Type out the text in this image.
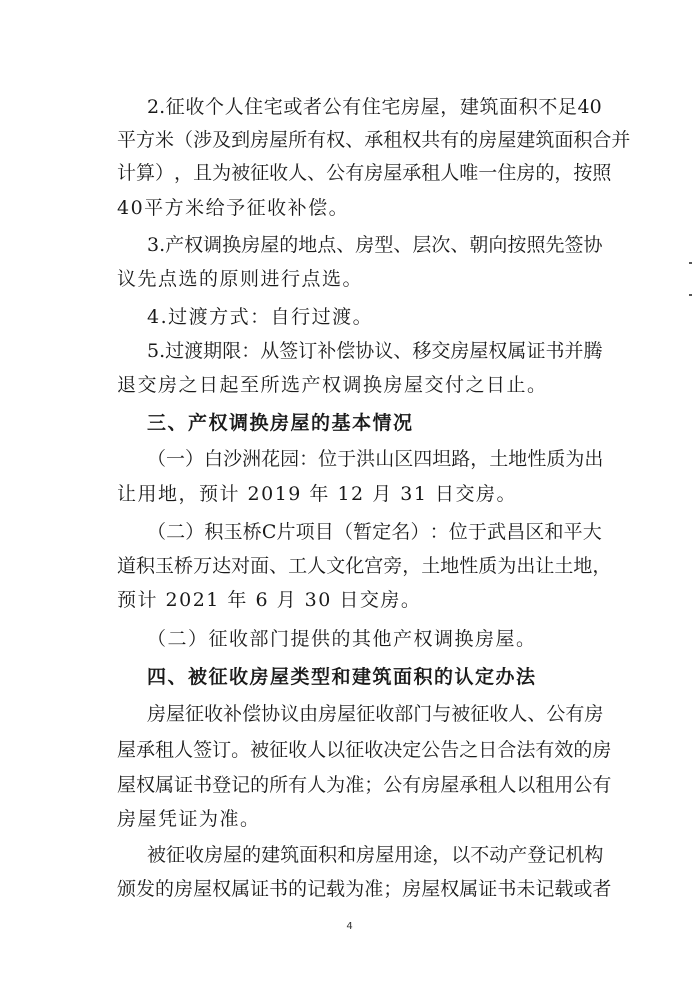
2. 征 收 个 人 住 宅 或 者 公 有 住 宅 房 屋 ， 建 筑 面 积 不 足 40
平 方 米 （ 涉 及 到 房 屋 所 有 权 、 承 租 权 共 有 的 房 屋 建 筑 面 积 合 并
计 算 ） ， 且 为 被 征 收 人 、 公 有 房 屋 承 租 人 唯 一 住 房 的 ， 按 照
40平方米给予征收补偿。
3. 产 权 调 换 房 屋 的 地 点 、 房 型 、 层 次 、 朝 向 按 照 先 签 协
议先点选的原则进行点选。
4.过渡方式：自行过渡。
5. 过 渡 期 限 ： 从 签 订 补 偿 协 议 、 移 交 房 屋 权 属 证 书 并 腾
退交房之日起至所选产权调换房屋交付之日止。
三、产权调换房屋的基本情况
（ 一 ） 白 沙 洲 花 园 ： 位 于 洪 山 区 四 坦 路 ， 土 地 性 质 为 出
让用地，预计 2019 年 12 月 31 日交房。
（ 二 ） 积 玉 桥 C 片 项 目 （ 暂 定 名 ） ： 位 于 武 昌 区 和 平 大
道 积 玉 桥 万 达 对 面 、 工 人 文 化 宫 旁 ， 土 地 性 质 为 出 让 土 地 ，
预计 2021 年 6 月 30 日交房。
（二）征收部门提供的其他产权调换房屋。
四、被征收房屋类型和建筑面积的认定办法
房 屋 征 收 补 偿 协 议 由 房 屋 征 收 部 门 与 被 征 收 人 、 公 有 房
屋 承 租 人 签 订 。 被 征 收 人 以 征 收 决 定 公 告 之 日 合 法 有 效 的 房
屋 权 属 证 书 登 记 的 所 有 人 为 准 ； 公 有 房 屋 承 租 人 以 租 用 公 有
房屋凭证为准。
被 征 收 房 屋 的 建 筑 面 积 和 房 屋 用 途 ， 以 不 动 产 登 记 机 构
颁 发 的 房 屋 权 属 证 书 的 记 载 为 准 ； 房 屋 权 属 证 书 未 记 载 或 者
4
